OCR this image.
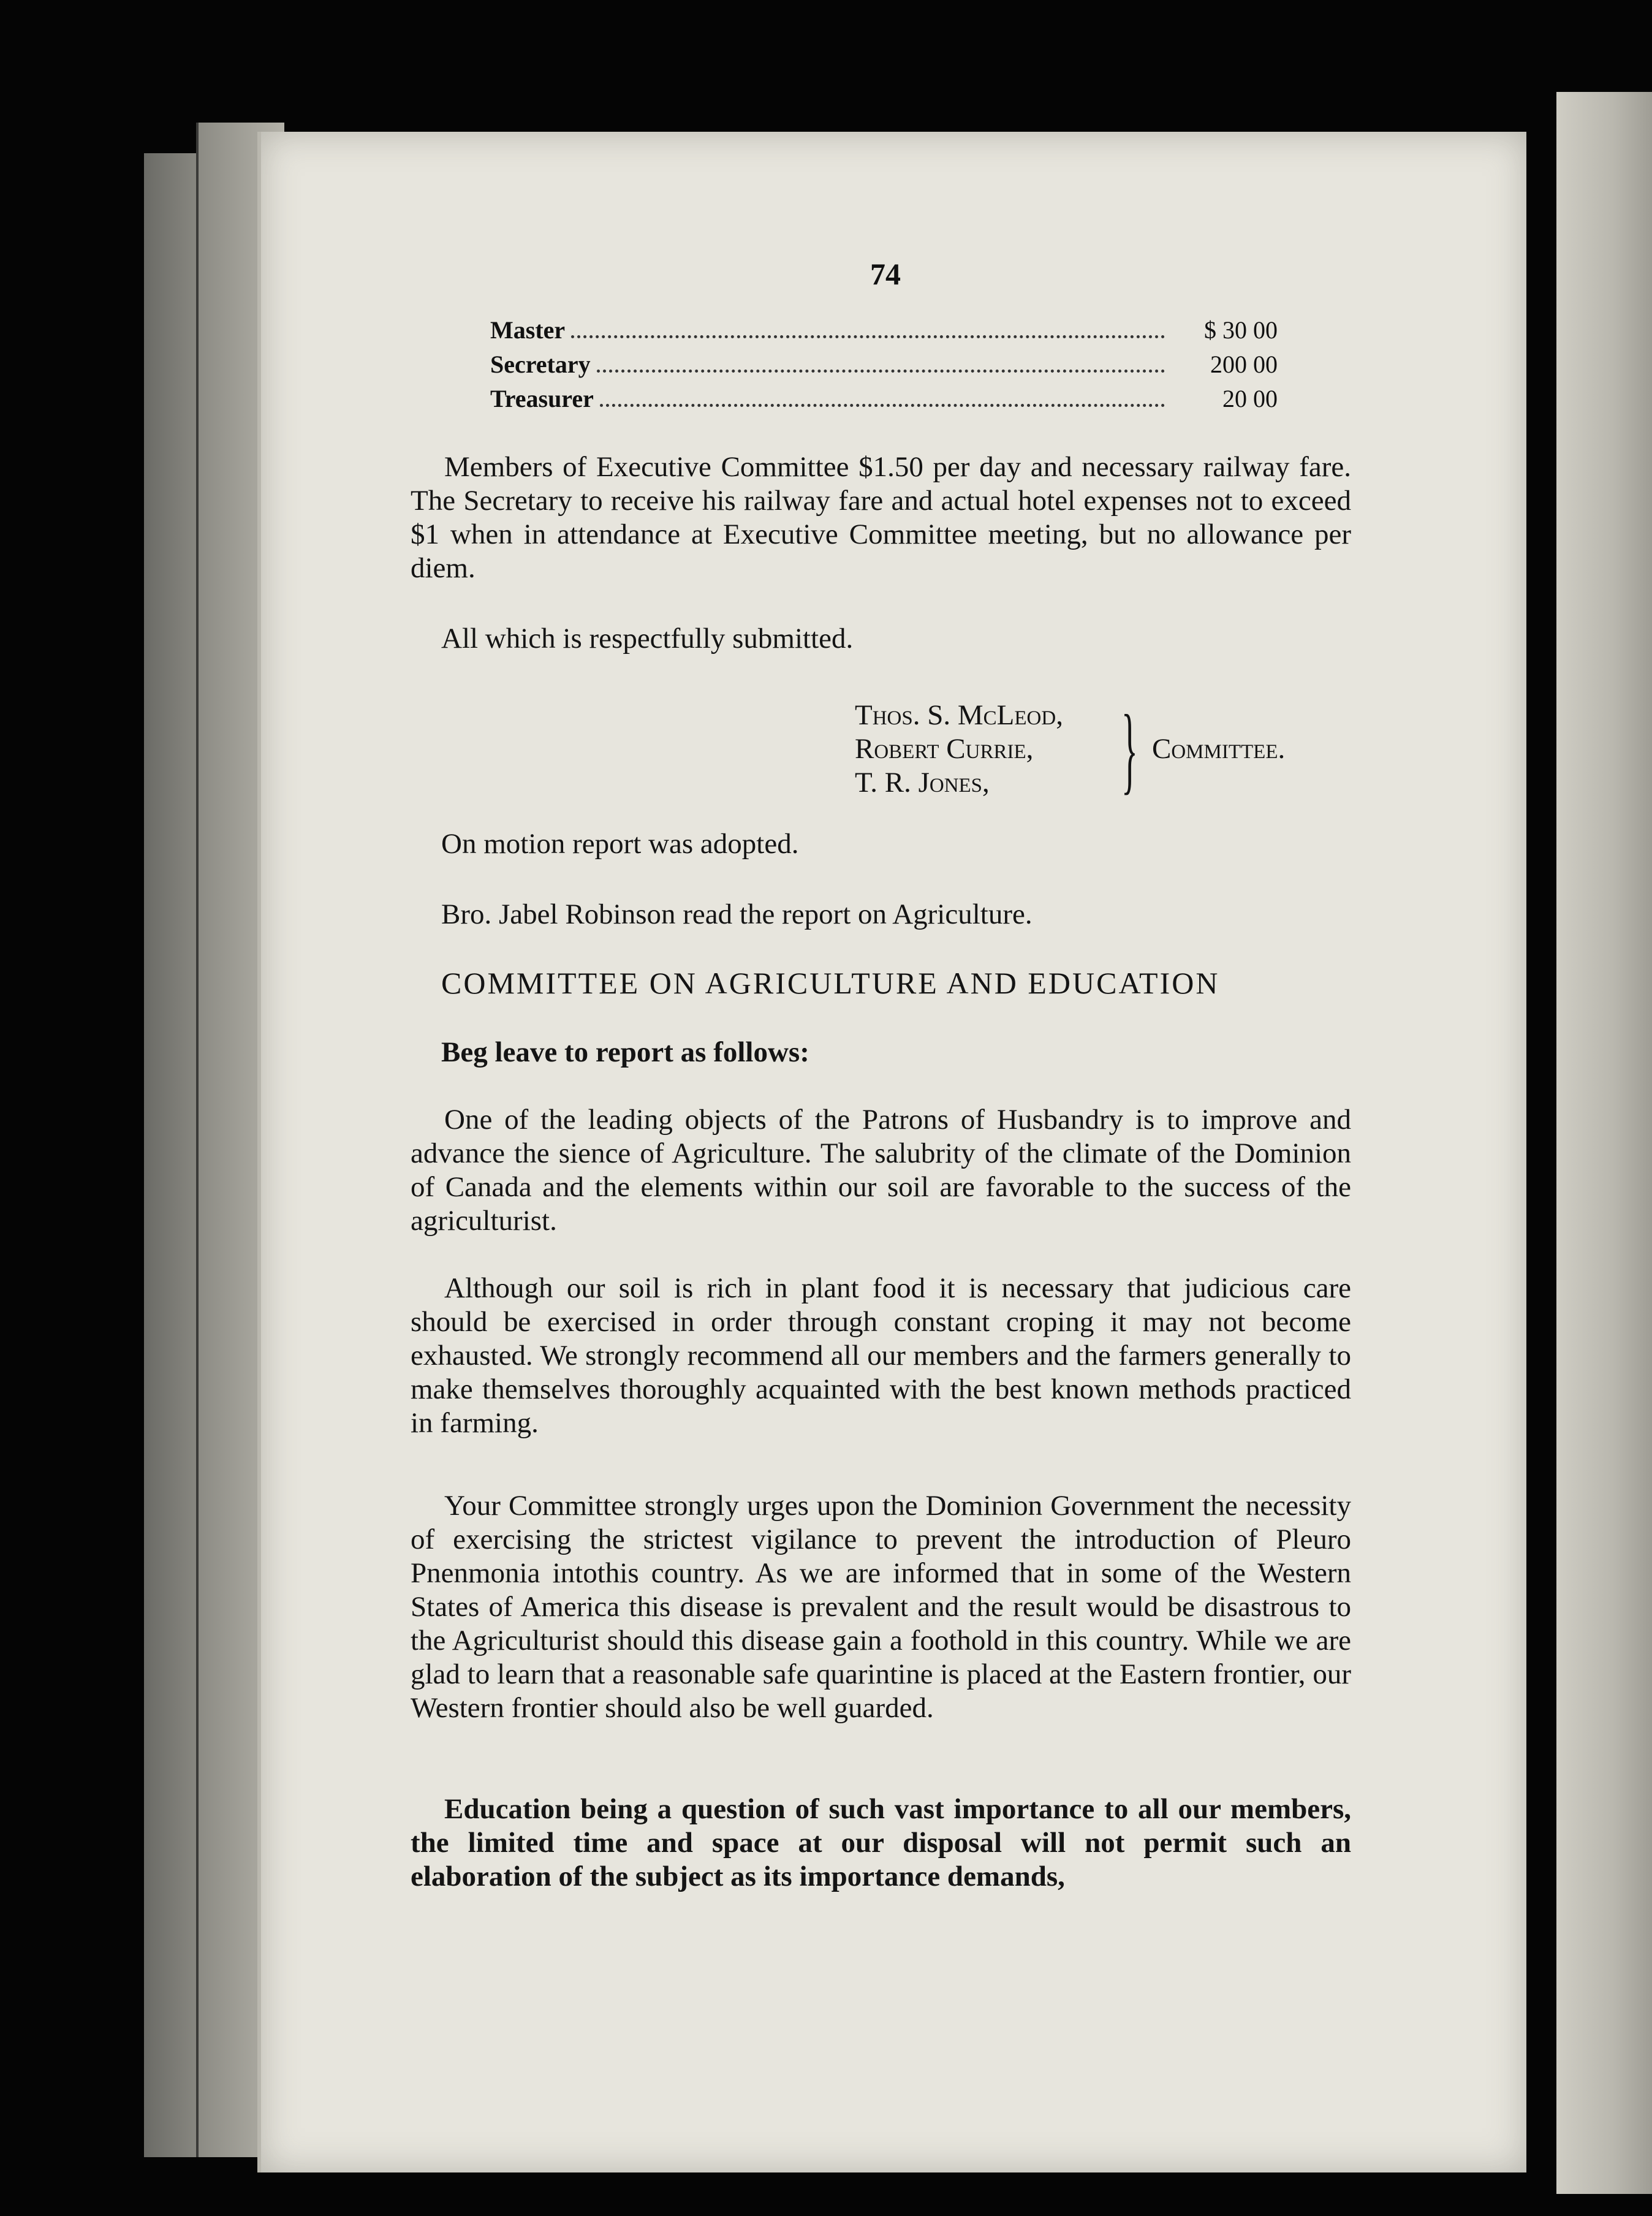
74
Master	$ 30 00
Secretary	200 00
Treasurer	20 00

Members of Executive Committee $1.50 per day and necessary railway fare. The Secretary to receive his railway fare and actual hotel expenses not to exceed $1 when in attendance at Executive Committee meeting, but no allowance per diem.

All which is respectfully submitted.
Thos. S. McLeod,
Robert Currie,
T. R. Jones,	} Committee.
On motion report was adopted.
Bro. Jabel Robinson read the report on Agriculture.
COMMITTEE ON AGRICULTURE AND EDUCATION
Beg leave to report as follows:

One of the leading objects of the Patrons of Husbandry is to improve and advance the sience of Agriculture. The salubrity of the climate of the Dominion of Canada and the elements within our soil are favorable to the success of the agriculturist.

Although our soil is rich in plant food it is necessary that judicious care should be exercised in order through constant croping it may not become exhausted. We strongly recommend all our members and the farmers generally to make themselves thoroughly acquainted with the best known methods practiced in farming.

Your Committee strongly urges upon the Dominion Government the necessity of exercising the strictest vigilance to prevent the introduction of Pleuro Pnenmonia intothis country. As we are informed that in some of the Western States of America this disease is prevalent and the result would be disastrous to the Agriculturist should this disease gain a foothold in this country. While we are glad to learn that a reasonable safe quarintine is placed at the Eastern frontier, our Western frontier should also be well guarded.

Education being a question of such vast importance to all our members, the limited time and space at our disposal will not permit such an elaboration of the subject as its importance demands,
